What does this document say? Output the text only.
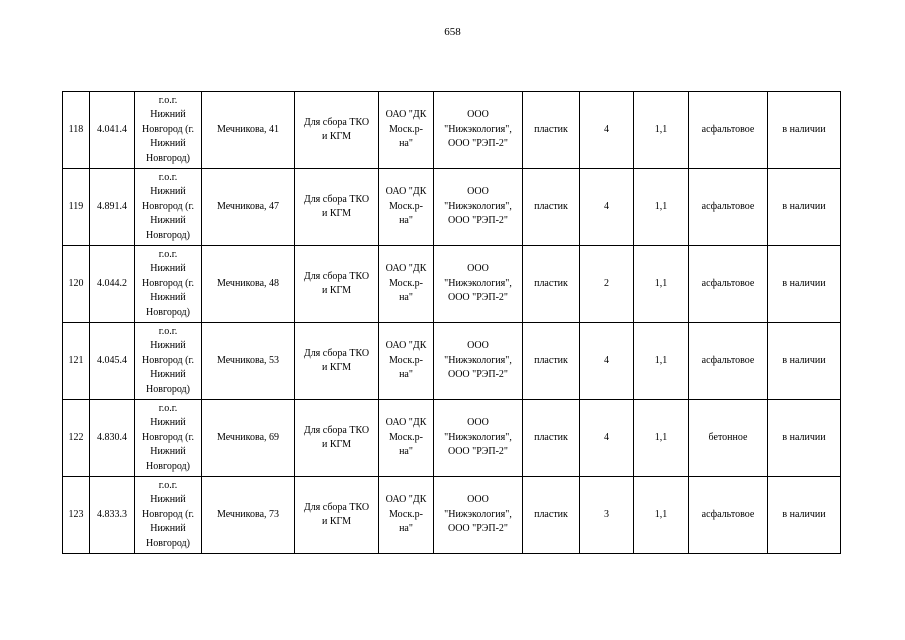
658
118	4.041.4	г.о.г.
Нижний
Новгород (г.
Нижний
Новгород)	Мечникова, 41	Для сбора ТКО
и КГМ	ОАО "ДК
Моск.р-
на"	ООО
"Нижэкология",
ООО "РЭП-2"	пластик	4	1,1	асфальтовое	в наличии
119	4.891.4	г.о.г.
Нижний
Новгород (г.
Нижний
Новгород)	Мечникова, 47	Для сбора ТКО
и КГМ	ОАО "ДК
Моск.р-
на"	ООО
"Нижэкология",
ООО "РЭП-2"	пластик	4	1,1	асфальтовое	в наличии
120	4.044.2	г.о.г.
Нижний
Новгород (г.
Нижний
Новгород)	Мечникова, 48	Для сбора ТКО
и КГМ	ОАО "ДК
Моск.р-
на"	ООО
"Нижэкология",
ООО "РЭП-2"	пластик	2	1,1	асфальтовое	в наличии
121	4.045.4	г.о.г.
Нижний
Новгород (г.
Нижний
Новгород)	Мечникова, 53	Для сбора ТКО
и КГМ	ОАО "ДК
Моск.р-
на"	ООО
"Нижэкология",
ООО "РЭП-2"	пластик	4	1,1	асфальтовое	в наличии
122	4.830.4	г.о.г.
Нижний
Новгород (г.
Нижний
Новгород)	Мечникова, 69	Для сбора ТКО
и КГМ	ОАО "ДК
Моск.р-
на"	ООО
"Нижэкология",
ООО "РЭП-2"	пластик	4	1,1	бетонное	в наличии
123	4.833.3	г.о.г.
Нижний
Новгород (г.
Нижний
Новгород)	Мечникова, 73	Для сбора ТКО
и КГМ	ОАО "ДК
Моск.р-
на"	ООО
"Нижэкология",
ООО "РЭП-2"	пластик	3	1,1	асфальтовое	в наличии
